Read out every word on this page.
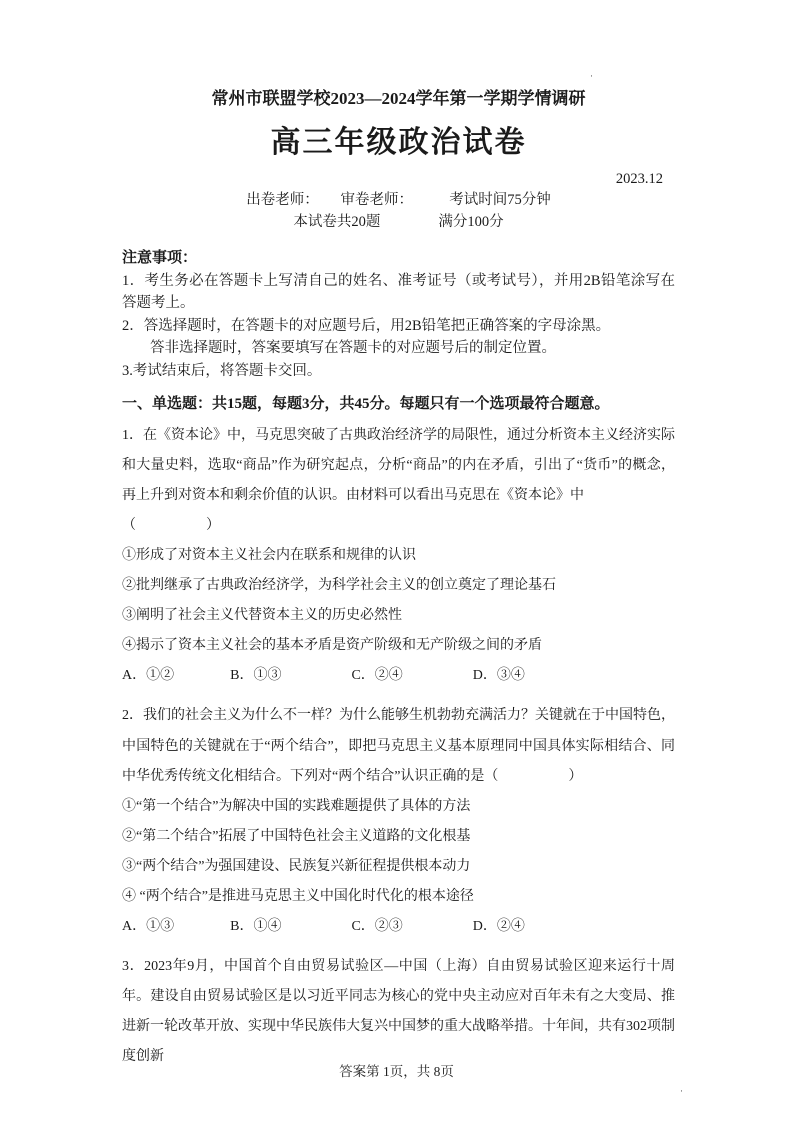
·
常州市联盟学校2023—2024学年第一学期学情调研
高三年级政治试卷
2023.12
出卷老师：　　审卷老师：　　　考试时间75分钟
本试卷共20题　　　　满分100分
注意事项：

1．考生务必在答题卡上写清自己的姓名、准考证号（或考试号），并用2B铅笔涂写在答题考上。

2．答选择题时，在答题卡的对应题号后，用2B铅笔把正确答案的字母涂黑。

答非选择题时，答案要填写在答题卡的对应题号后的制定位置。

3.考试结束后，将答题卡交回。

一、单选题：共15题，每题3分，共45分。每题只有一个选项最符合题意。

1．在《资本论》中，马克思突破了古典政治经济学的局限性，通过分析资本主义经济实际和大量史料，选取“商品”作为研究起点，分析“商品”的内在矛盾，引出了“货币”的概念，再上升到对资本和剩余价值的认识。由材料可以看出马克思在《资本论》中

（　　　　　）

①形成了对资本主义社会内在联系和规律的认识

②批判继承了古典政治经济学，为科学社会主义的创立奠定了理论基石

③阐明了社会主义代替资本主义的历史必然性

④揭示了资本主义社会的基本矛盾是资产阶级和无产阶级之间的矛盾

A．①②　　　　B．①③　　　　　C．②④　　　　　D．③④

2．我们的社会主义为什么不一样？为什么能够生机勃勃充满活力？关键就在于中国特色，中国特色的关键就在于“两个结合”，即把马克思主义基本原理同中国具体实际相结合、同中华优秀传统文化相结合。下列对“两个结合”认识正确的是（　　　　　）

①“第一个结合”为解决中国的实践难题提供了具体的方法

②“第二个结合”拓展了中国特色社会主义道路的文化根基

③“两个结合”为强国建设、民族复兴新征程提供根本动力

④ “两个结合”是推进马克思主义中国化时代化的根本途径

A．①③　　　　B．①④　　　　　C．②③　　　　　D．②④

3．2023年9月，中国首个自由贸易试验区—中国（上海）自由贸易试验区迎来运行十周年。建设自由贸易试验区是以习近平同志为核心的党中央主动应对百年未有之大变局、推进新一轮改革开放、实现中华民族伟大复兴中国梦的重大战略举措。十年间，共有302项制度创新

答案第 1页，共 8页
·
